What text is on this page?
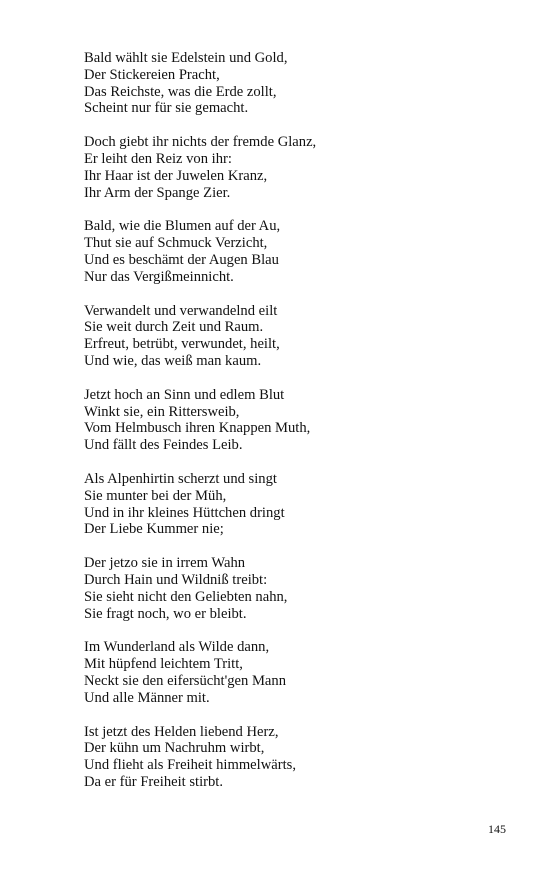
Bald wählt sie Edelstein und Gold,
Der Stickereien Pracht,
Das Reichste, was die Erde zollt,
Scheint nur für sie gemacht.
Doch giebt ihr nichts der fremde Glanz,
Er leiht den Reiz von ihr:
Ihr Haar ist der Juwelen Kranz,
Ihr Arm der Spange Zier.
Bald, wie die Blumen auf der Au,
Thut sie auf Schmuck Verzicht,
Und es beschämt der Augen Blau
Nur das Vergißmeinnicht.
Verwandelt und verwandelnd eilt
Sie weit durch Zeit und Raum.
Erfreut, betrübt, verwundet, heilt,
Und wie, das weiß man kaum.
Jetzt hoch an Sinn und edlem Blut
Winkt sie, ein Rittersweib,
Vom Helmbusch ihren Knappen Muth,
Und fällt des Feindes Leib.
Als Alpenhirtin scherzt und singt
Sie munter bei der Müh,
Und in ihr kleines Hüttchen dringt
Der Liebe Kummer nie;
Der jetzo sie in irrem Wahn
Durch Hain und Wildniß treibt:
Sie sieht nicht den Geliebten nahn,
Sie fragt noch, wo er bleibt.
Im Wunderland als Wilde dann,
Mit hüpfend leichtem Tritt,
Neckt sie den eifersücht'gen Mann
Und alle Männer mit.
Ist jetzt des Helden liebend Herz,
Der kühn um Nachruhm wirbt,
Und flieht als Freiheit himmelwärts,
Da er für Freiheit stirbt.
145
